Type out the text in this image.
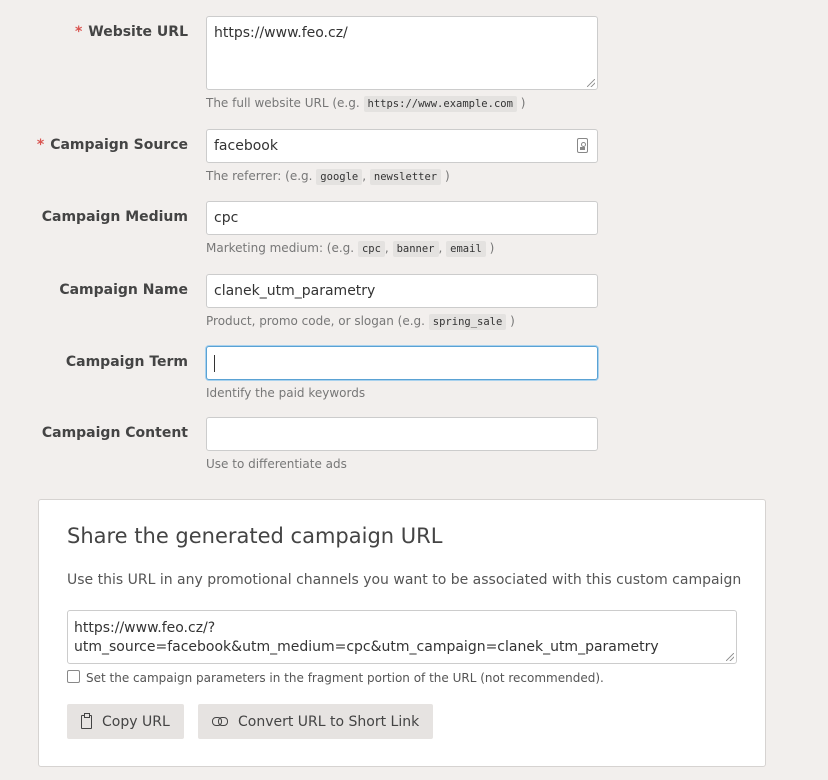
* Website URL https://www.feo.cz/
The full website URL (e.g. https://www.example.com )
* Campaign Source facebook
The referrer: (e.g. google , newsletter )
Campaign Medium cpc
Marketing medium: (e.g. cpc , banner , email )
Campaign Name clanek_utm_parametry
Product, promo code, or slogan (e.g. spring_sale )
Campaign Term
Identify the paid keywords
Campaign Content
Use to differentiate ads
Share the generated campaign URL
Use this URL in any promotional channels you want to be associated with this custom campaign
https://www.feo.cz/?
utm_source=facebook&utm_medium=cpc&utm_campaign=clanek_utm_parametry
Set the campaign parameters in the fragment portion of the URL (not recommended).
Copy URL	Convert URL to Short Link
